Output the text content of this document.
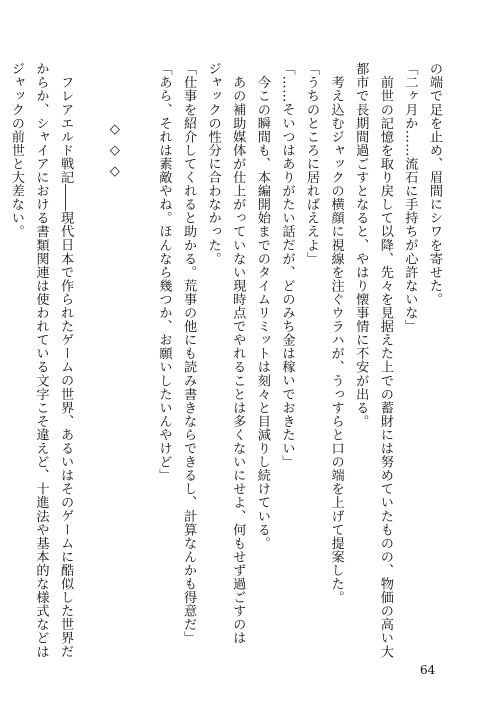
の端で足を止め、眉間にシワを寄せた。
「二ヶ月か……流石に手持ちが心許ないな」
　前世の記憶を取り戻して以降、先々を見据えた上での蓄財には努めていたものの、物価の高い大
都市で長期間過ごすとなると、やはり懐事情に不安が出る。
　考え込むジャックの横顔に視線を注ぐウラハが、うっすらと口の端を上げて提案した。
「うちのところに居ればええよ」
「……そいつはありがたい話だが、どのみち金は稼いでおきたい」
　今この瞬間も、本編開始までのタイムリミットは刻々と目減りし続けている。
　あの補助媒体が仕上がっていない現時点でやれることは多くないにせよ、何もせず過ごすのは
ジャックの性分に合わなかった。
「仕事を紹介してくれると助かる。荒事の他にも読み書きならできるし、計算なんかも得意だ」
「あら、それは素敵やね。ほんなら幾つか、お願いしたいんやけど」
◇◇◇
　フレアエルド戦記――現代日本で作られたゲームの世界、あるいはそのゲームに酷似した世界だ
からか、シャイアにおける書類関連は使われている文字こそ違えど、十進法や基本的な様式などは
ジャックの前世と大差ない。
64
